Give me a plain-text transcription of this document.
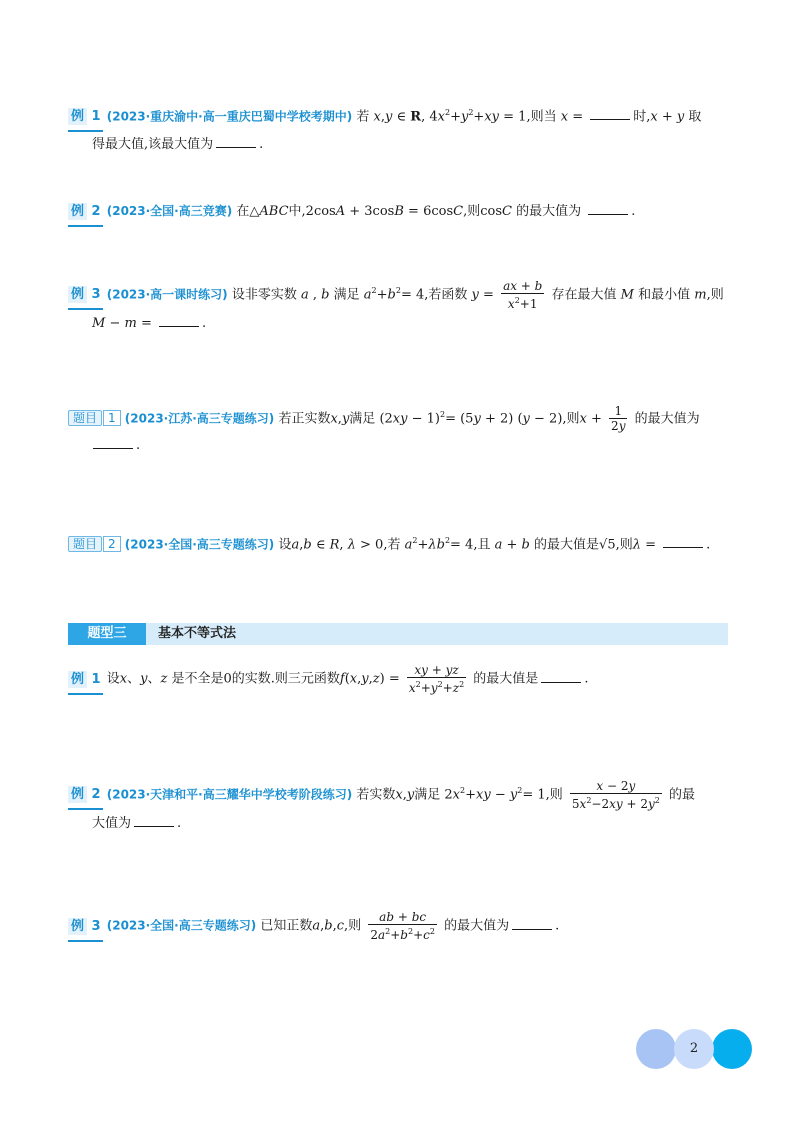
例 1 (2023·重庆渝中·高一重庆巴蜀中学校考期中) 若 x,y ∈ R, $4x^2+y^2+xy = 1$,则当 x =	时,x + y 取
得最大值,该最大值为	.
例 2 (2023·全国·高三竞赛) 在△ABC中,2cosA + 3cosB = 6cosC,则cosC 的最大值为	.
例 3 (2023·高一课时练习) 设非零实数 a , b 满足 $a^2+b^2= 4$,若函数 $y = \frac{ax + b}{x^2+1}$ 存在最大值 M 和最小值 m,则
M − m =	.
题目 1 (2023·江苏·高三专题练习) 若正实数x,y满足 $(2xy - 1)^2= (5y + 2)$ (y − 2),则$x + \frac{1}{2y}$ 的最大值为
.
题目 2 (2023·全国·高三专题练习) 设a,b ∈ R, λ > 0,若 $a^2+\lambda b^2= 4$,且 a + b 的最大值是√5,则λ =	.
题型三	基本不等式法
例 1 设x、y、z 是不全是0的实数.则三元函数$f(x,y,z) = \frac{xy + yz}{x^2+y^2+z^2}$ 的最大值是	.
例 2 (2023·天津和平·高三耀华中学校考阶段练习) 若实数x,y满足 $2x^2+xy - y^2= 1$,则 $\frac{x - 2y}{5x^2-2xy + 2y^2}$ 的最
大值为	.
例 3 (2023·全国·高三专题练习) 已知正数a,b,c,则 $\frac{ab + bc}{2a^2+b^2+c^2}$ 的最大值为	.
2
